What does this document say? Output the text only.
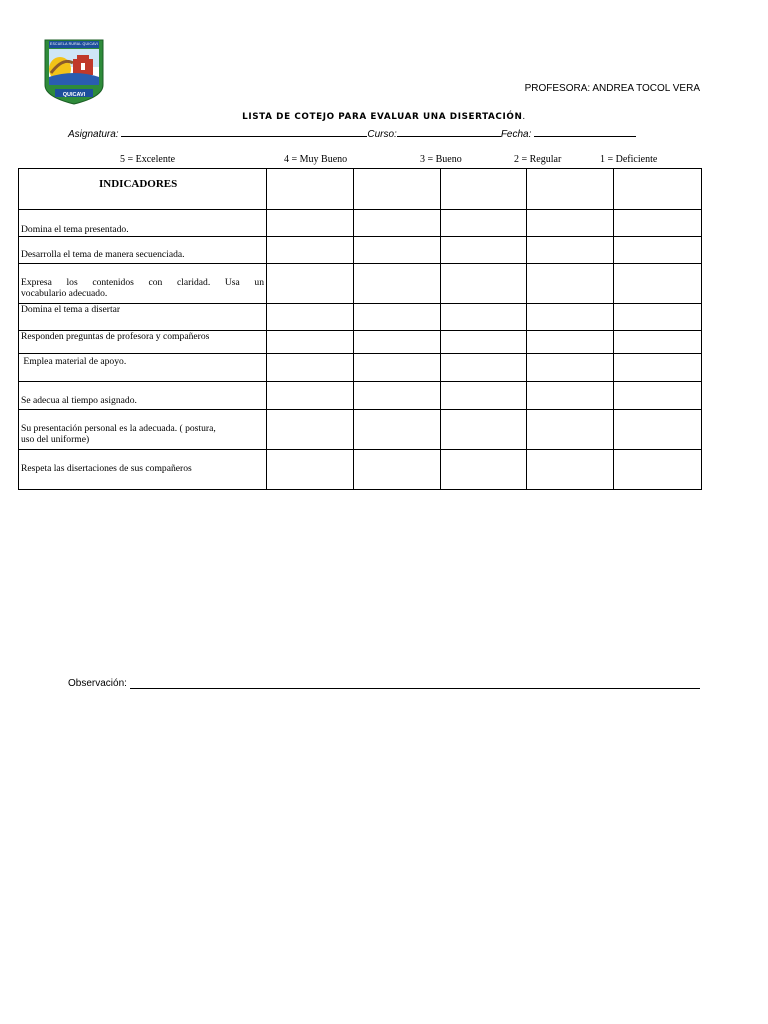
ESCUELA RURAL QUICAVI
QUICAVI
PROFESORA: ANDREA TOCOL VERA
LISTA DE COTEJO PARA EVALUAR UNA DISERTACIÓN.
Asignatura:	Curso:	Fecha:
5 = Excelente	4 = Muy Bueno	3 = Bueno	2 = Regular	1 = Deficiente
INDICADORES					
Domina el tema presentado.					
Desarrolla el tema de manera secuenciada.					

Expresa los contenidos con claridad. Usa un
vocabulario adecuado.					

Domina el tema a disertar					
Responden preguntas de profesora y compañeros					
Emplea material de apoyo.					
Se adecua al tiempo asignado.					

Su presentación personal es la adecuada. ( postura,
uso del uniforme)					

Respeta las disertaciones de sus compañeros					
Observación:
